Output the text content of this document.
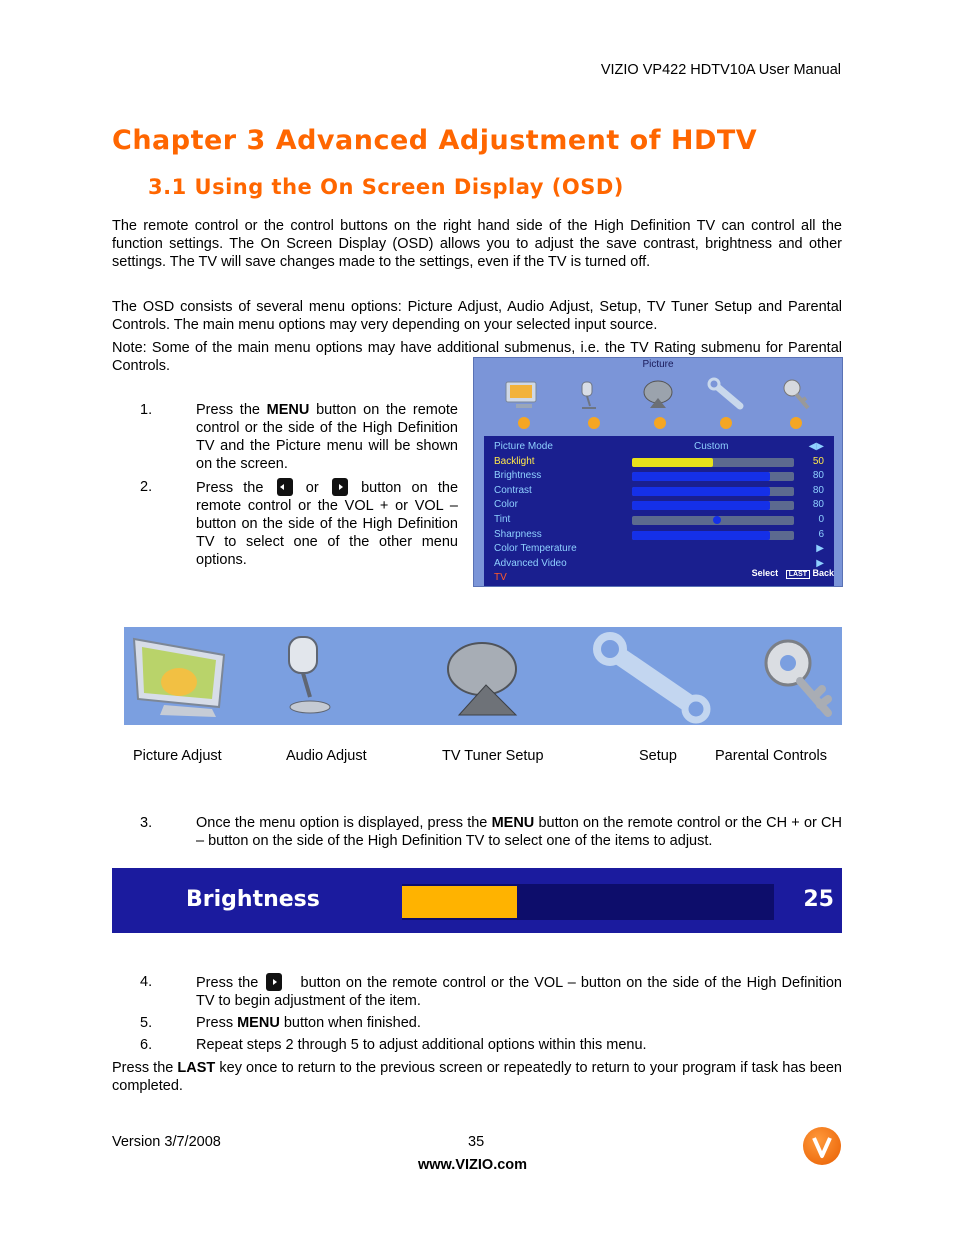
VIZIO VP422 HDTV10A User Manual
Chapter 3 Advanced Adjustment of HDTV
3.1 Using the On Screen Display (OSD)
The remote control or the control buttons on the right hand side of the High Definition TV can control all the function settings. The On Screen Display (OSD) allows you to adjust the save contrast, brightness and other settings. The TV will save changes made to the settings, even if the TV is turned off.
The OSD consists of several menu options: Picture Adjust, Audio Adjust, Setup, TV Tuner Setup and Parental Controls. The main menu options may very depending on your selected input source.
Note: Some of the main menu options may have additional submenus, i.e. the TV Rating submenu for Parental Controls.
1.	Press the MENU button on the remote control or the side of the High Definition TV and the Picture menu will be shown on the screen.
2.	Press the	or	button on the remote control or the VOL + or VOL – button on the side of the High Definition TV to select one of the other menu options.
Picture
Picture Mode	Custom	◀▶
Backlight	50
Brightness	80
Contrast	80
Color	80
Tint	0
Sharpness	6
Color Temperature	▶
Advanced Video	▶
TV	Select LAST Back
Picture Adjust	Audio Adjust	TV Tuner Setup	Setup	Parental Controls
3.	Once the menu option is displayed, press the MENU button on the remote control or the CH + or CH – button on the side of the High Definition TV to select one of the items to adjust.
Brightness	25
4.	Press the	button on the remote control or the VOL – button on the side of the High Definition TV to begin adjustment of the item.
5.	Press MENU button when finished.
6.	Repeat steps 2 through 5 to adjust additional options within this menu.
Press the LAST key once to return to the previous screen or repeatedly to return to your program if task has been completed.
Version 3/7/2008	35
www.VIZIO.com
